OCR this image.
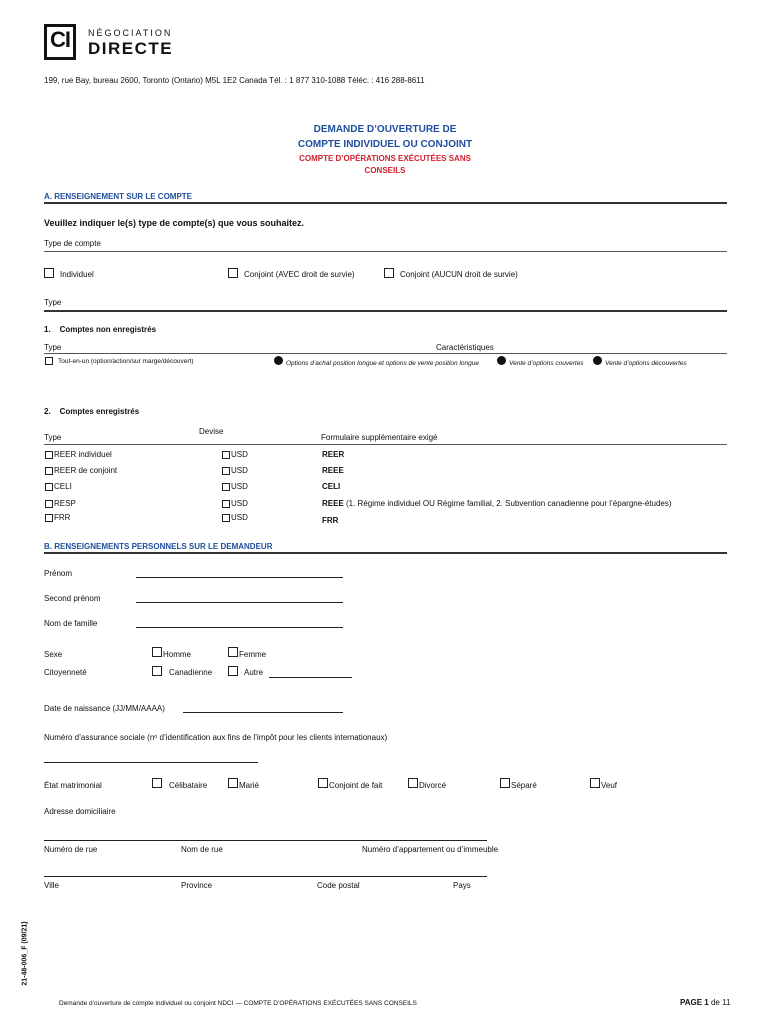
CI NÉGOCIATION
DIRECTE
199, rue Bay, bureau 2600, Toronto (Ontario) M5L 1E2 Canada Tél. : 1 877 310-1088 Téléc. : 416 288-8611
DEMANDE D’OUVERTURE DE
COMPTE INDIVIDUEL OU CONJOINT
COMPTE D’OPÉRATIONS EXÉCUTÉES SANS
CONSEILS
A. RENSEIGNEMENT SUR LE COMPTE
Veuillez indiquer le(s) type de compte(s) que vous souhaitez.
Type de compte
Individuel	Conjoint (AVEC droit de survie)	Conjoint (AUCUN droit de survie)
Type
1.    Comptes non enregistrés
Type	Caractéristiques
Tout-en-un (option/action/sur marge/découvert)	Options d’achat position longue et options de vente position longue	Vente d’options couvertes	Vente d’options découvertes
2.    Comptes enregistrés
Type
Devise
Formulaire supplémentaire exigé
REER individuel	USD	REER
REER de conjoint	USD	REEE
CELI	USD	CELI
RESP	USD	REEE (1. Régime individuel OU Régime familial, 2. Subvention canadienne pour l’épargne-études)
FRR	USD	FRR
B. RENSEIGNEMENTS PERSONNELS SUR LE DEMANDEUR
Prénom
Second prénom
Nom de famille
Sexe	Homme	Femme
Citoyenneté	Canadienne	Autre
Date de naissance (JJ/MM/AAAA)
Numéro d’assurance sociale (nᵒ d’identification aux fins de l’impôt pour les clients internationaux)
État matrimonial	Célibataire	Marié	Conjoint de fait	Divorcé	Séparé	Veuf
Adresse domiciliaire
Numéro de rue	Nom de rue	Numéro d’appartement ou d’immeuble
Ville	Province	Code postal	Pays
21-48-006_F (09/21)
Demande d’ouverture de compte individuel ou conjoint NDCI — COMPTE D’OPÉRATIONS EXÉCUTÉES SANS CONSEILS	PAGE 1 de 11
